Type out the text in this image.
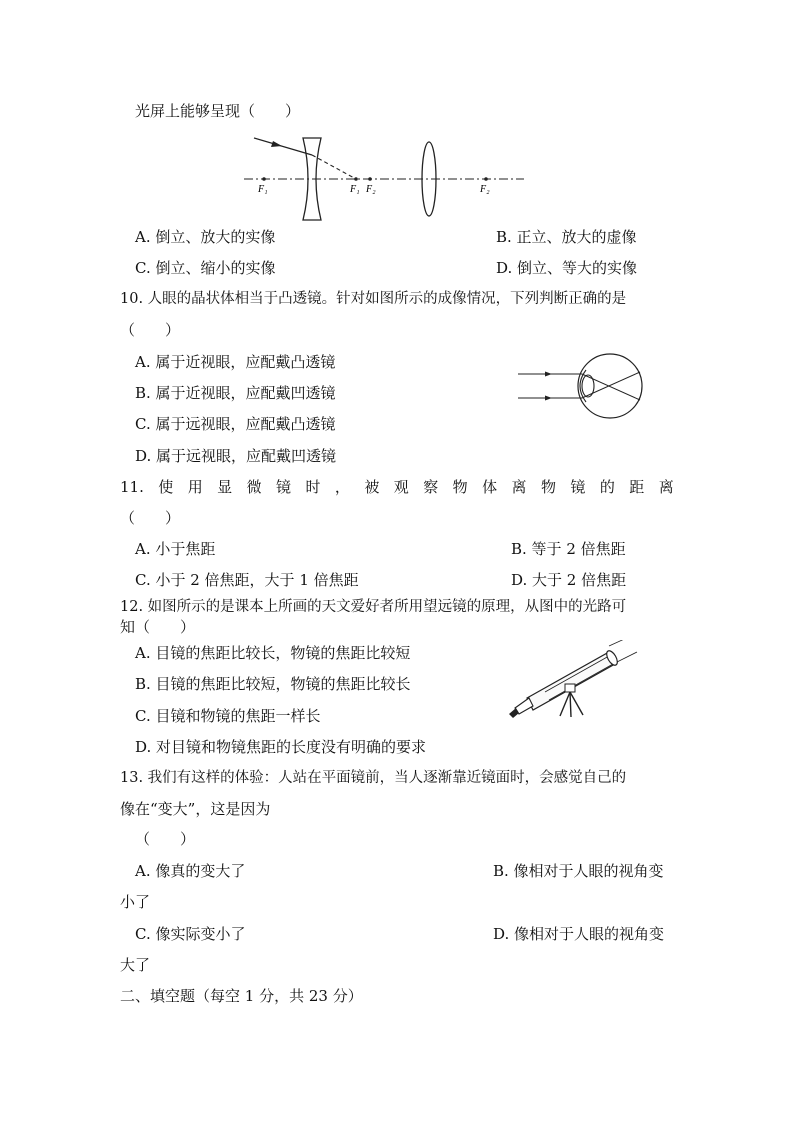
光屏上能够呈现（　　）
F₁	F₁ F₂	F₂
A. 倒立、放大的实像	B. 正立、放大的虚像
C. 倒立、缩小的实像	D. 倒立、等大的实像
10. 人眼的晶状体相当于凸透镜。针对如图所示的成像情况，下列判断正确的是
（　　）
A. 属于近视眼，应配戴凸透镜
B. 属于近视眼，应配戴凹透镜
C. 属于远视眼，应配戴凸透镜
D. 属于远视眼，应配戴凹透镜
11. 使 用 显 微 镜 时 ， 被 观 察 物 体 离 物 镜 的 距 离
（　　）
A. 小于焦距	B. 等于 2 倍焦距
C. 小于 2 倍焦距，大于 1 倍焦距	D. 大于 2 倍焦距
12. 如图所示的是课本上所画的天文爱好者所用望远镜的原理，从图中的光路可
知（　　）
A. 目镜的焦距比较长，物镜的焦距比较短
B. 目镜的焦距比较短，物镜的焦距比较长
C. 目镜和物镜的焦距一样长
D. 对目镜和物镜焦距的长度没有明确的要求
13. 我们有这样的体验：人站在平面镜前，当人逐渐靠近镜面时，会感觉自己的
像在“变大”，这是因为
（　　）
A. 像真的变大了	B. 像相对于人眼的视角变
小了
C. 像实际变小了	D. 像相对于人眼的视角变
大了
二、填空题（每空 1 分，共 23 分）
